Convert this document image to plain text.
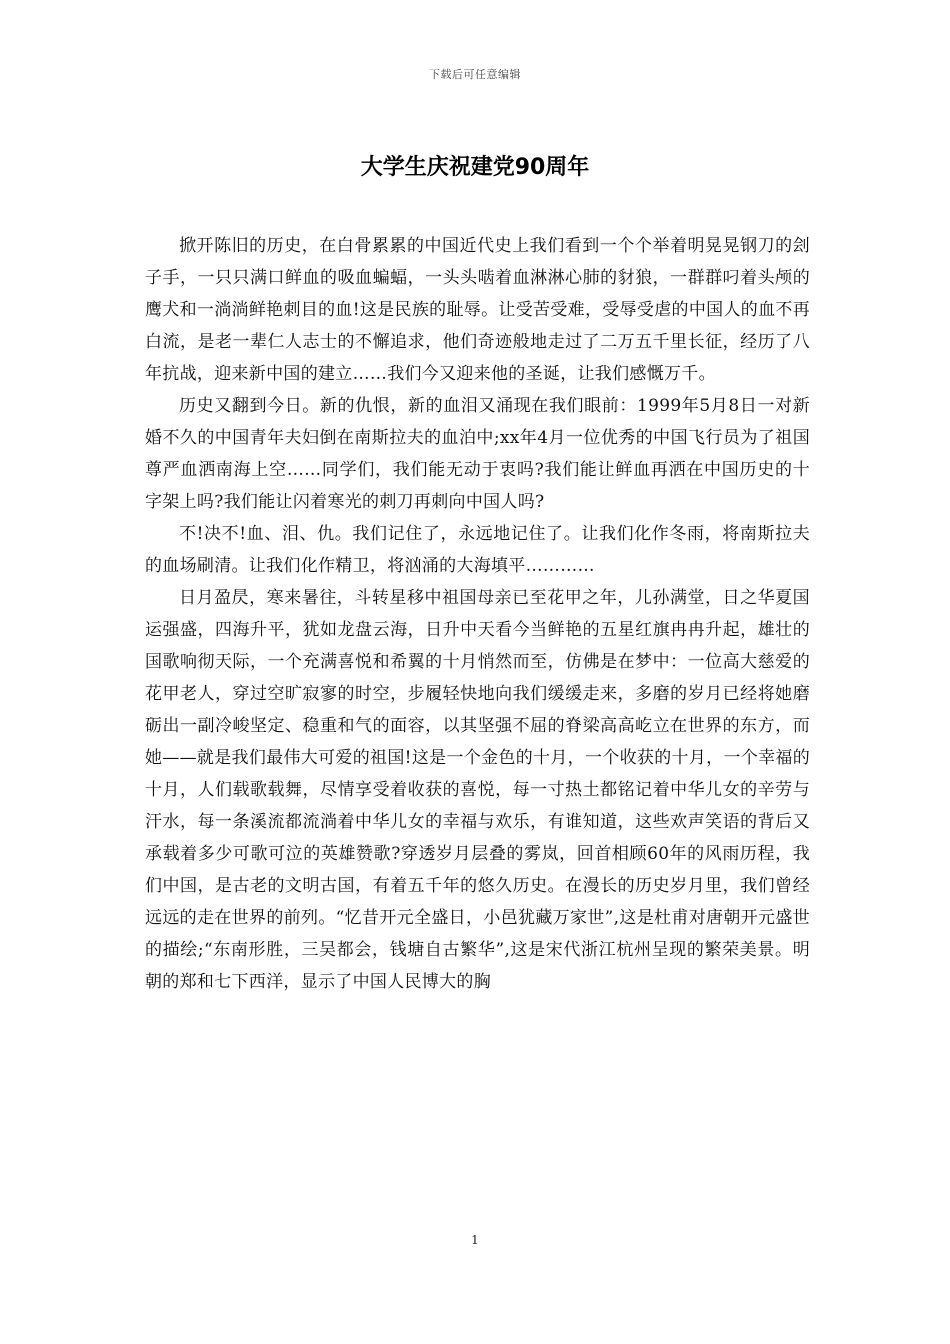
下载后可任意编辑
大学生庆祝建党90周年

掀开陈旧的历史，在白骨累累的中国近代史上我们看到一个个举着明晃晃钢刀的刽子手，一只只满口鲜血的吸血蝙蝠，一头头啮着血淋淋心肺的豺狼，一群群叼着头颅的鹰犬和一淌淌鲜艳刺目的血!这是民族的耻辱。让受苦受难，受辱受虐的中国人的血不再白流，是老一辈仁人志士的不懈追求，他们奇迹般地走过了二万五千里长征，经历了八年抗战，迎来新中国的建立……我们今又迎来他的圣诞，让我们感慨万千。

历史又翻到今日。新的仇恨，新的血泪又涌现在我们眼前：1999年5月8日一对新婚不久的中国青年夫妇倒在南斯拉夫的血泊中;xx年4月一位优秀的中国飞行员为了祖国尊严血洒南海上空……同学们，我们能无动于衷吗?我们能让鲜血再洒在中国历史的十字架上吗?我们能让闪着寒光的刺刀再刺向中国人吗?

不!决不!血、泪、仇。我们记住了，永远地记住了。让我们化作冬雨，将南斯拉夫的血场刷清。让我们化作精卫，将汹涌的大海填平…………

日月盈昃，寒来暑往，斗转星移中祖国母亲已至花甲之年，儿孙满堂，日之华夏国运强盛，四海升平，犹如龙盘云海，日升中天看今当鲜艳的五星红旗冉冉升起，雄壮的国歌响彻天际，一个充满喜悦和希翼的十月悄然而至，仿佛是在梦中：一位高大慈爱的花甲老人，穿过空旷寂寥的时空，步履轻快地向我们缓缓走来，多磨的岁月已经将她磨砺出一副冷峻坚定、稳重和气的面容，以其坚强不屈的脊梁高高屹立在世界的东方，而她——就是我们最伟大可爱的祖国!这是一个金色的十月，一个收获的十月，一个幸福的十月，人们载歌载舞，尽情享受着收获的喜悦，每一寸热土都铭记着中华儿女的辛劳与汗水，每一条溪流都流淌着中华儿女的幸福与欢乐，有谁知道，这些欢声笑语的背后又承载着多少可歌可泣的英雄赞歌?穿透岁月层叠的雾岚，回首相顾60年的风雨历程，我们中国，是古老的文明古国，有着五千年的悠久历史。在漫长的历史岁月里，我们曾经远远的走在世界的前列。“忆昔开元全盛日，小邑犹藏万家世”,这是杜甫对唐朝开元盛世的描绘;“东南形胜，三吴都会，钱塘自古繁华”,这是宋代浙江杭州呈现的繁荣美景。明朝的郑和七下西洋，显示了中国人民博大的胸

1
